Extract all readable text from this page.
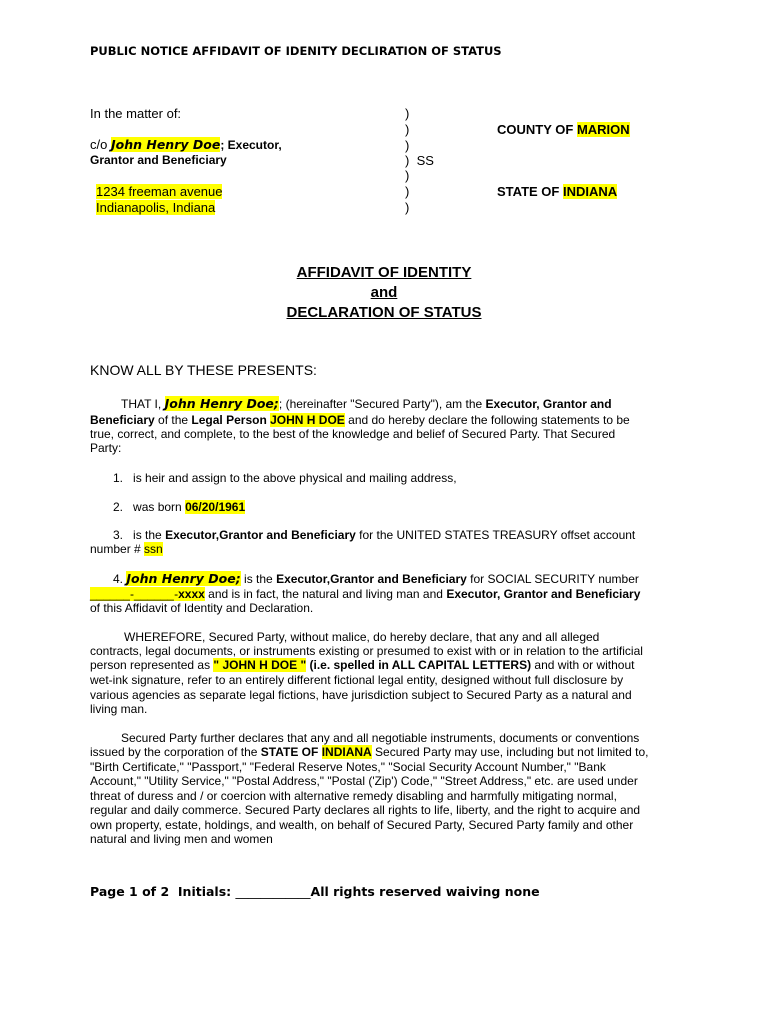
PUBLIC NOTICE AFFIDAVIT OF IDENITY DECLIRATION OF STATUS
In the matter of:
c/o John Henry Doe; Executor,
Grantor and Beneficiary
1234 freeman avenue
Indianapolis, Indiana
)
)
)
) SS
)
)
)
COUNTY OF MARION
STATE OF INDIANA
AFFIDAVIT OF IDENTITY
and
DECLARATION OF STATUS
KNOW ALL BY THESE PRESENTS:
THAT I, John Henry Doe;; (hereinafter "Secured Party"), am the Executor, Grantor and
Beneficiary of the Legal Person JOHN H DOE and do hereby declare the following statements to be
true, correct, and complete, to the best of the knowledge and belief of Secured Party. That Secured
Party:
1. is heir and assign to the above physical and mailing address,
2. was born 06/20/1961
3. is the Executor,Grantor and Beneficiary for the UNITED STATES TREASURY offset account
number # ssn
4. John Henry Doe; is the Executor,Grantor and Beneficiary for SOCIAL SECURITY number
______-______-xxxx and is in fact, the natural and living man and Executor, Grantor and Beneficiary
of this Affidavit of Identity and Declaration.
WHEREFORE, Secured Party, without malice, do hereby declare, that any and all alleged
contracts, legal documents, or instruments existing or presumed to exist with or in relation to the artificial
person represented as " JOHN H DOE " (i.e. spelled in ALL CAPITAL LETTERS) and with or without
wet-ink signature, refer to an entirely different fictional legal entity, designed without full disclosure by
various agencies as separate legal fictions, have jurisdiction subject to Secured Party as a natural and
living man.
Secured Party further declares that any and all negotiable instruments, documents or conventions
issued by the corporation of the STATE OF INDIANA Secured Party may use, including but not limited to,
"Birth Certificate," "Passport," "Federal Reserve Notes," "Social Security Account Number," "Bank
Account," "Utility Service," "Postal Address," "Postal ('Zip') Code," "Street Address," etc. are used under
threat of duress and / or coercion with alternative remedy disabling and harmfully mitigating normal,
regular and daily commerce. Secured Party declares all rights to life, liberty, and the right to acquire and
own property, estate, holdings, and wealth, on behalf of Secured Party, Secured Party family and other
natural and living men and women
Page 1 of 2 Initials: ____________All rights reserved waiving none
